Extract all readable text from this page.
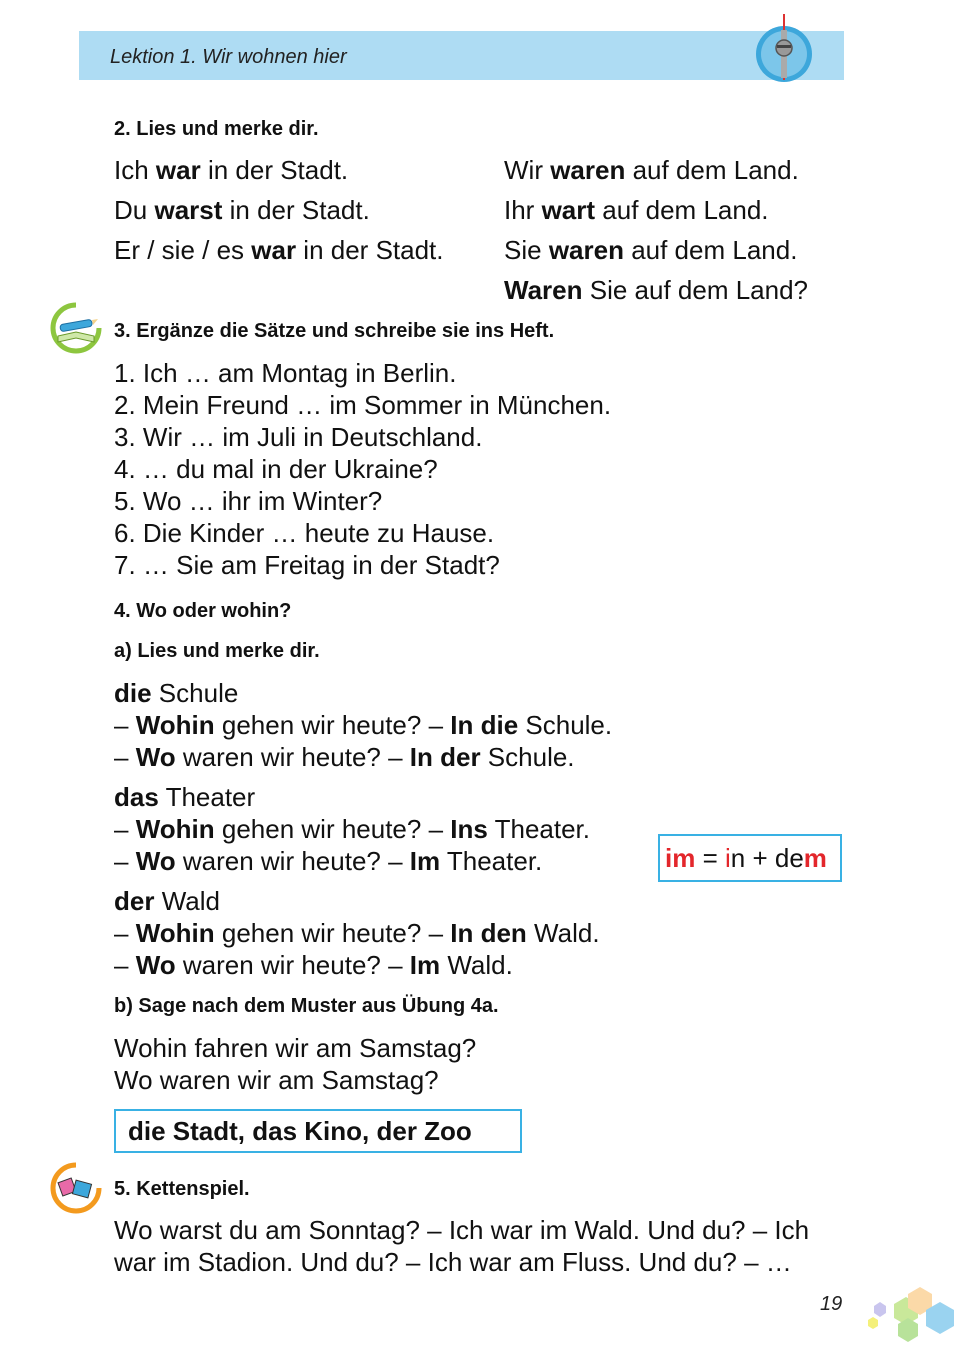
Lektion 1. Wir wohnen hier
2. Lies und merke dir.
Ich war in der Stadt.
Du warst in der Stadt.
Er / sie / es war in der Stadt.
Wir waren auf dem Land.
Ihr wart auf dem Land.
Sie waren auf dem Land.
Waren Sie auf dem Land?
3. Ergänze die Sätze und schreibe sie ins Heft.
1. Ich … am Montag in Berlin.
2. Mein Freund … im Sommer in München.
3. Wir … im Juli in Deutschland.
4. … du mal in der Ukraine?
5. Wo … ihr im Winter?
6. Die Kinder … heute zu Hause.
7. … Sie am Freitag in der Stadt?
4. Wo oder wohin?
a) Lies und merke dir.
die Schule
– Wohin gehen wir heute? – In die Schule.
– Wo waren wir heute? – In der Schule.
das Theater
– Wohin gehen wir heute? – Ins Theater.
– Wo waren wir heute? – Im Theater.	im = in + dem
der Wald
– Wohin gehen wir heute? – In den Wald.
– Wo waren wir heute? – Im Wald.
b) Sage nach dem Muster aus Übung 4a.
Wohin fahren wir am Samstag?
Wo waren wir am Samstag?
die Stadt, das Kino, der Zoo
5. Kettenspiel.
Wo warst du am Sonntag? – Ich war im Wald. Und du? – Ich
war im Stadion. Und du? – Ich war am Fluss. Und du? – …
19
